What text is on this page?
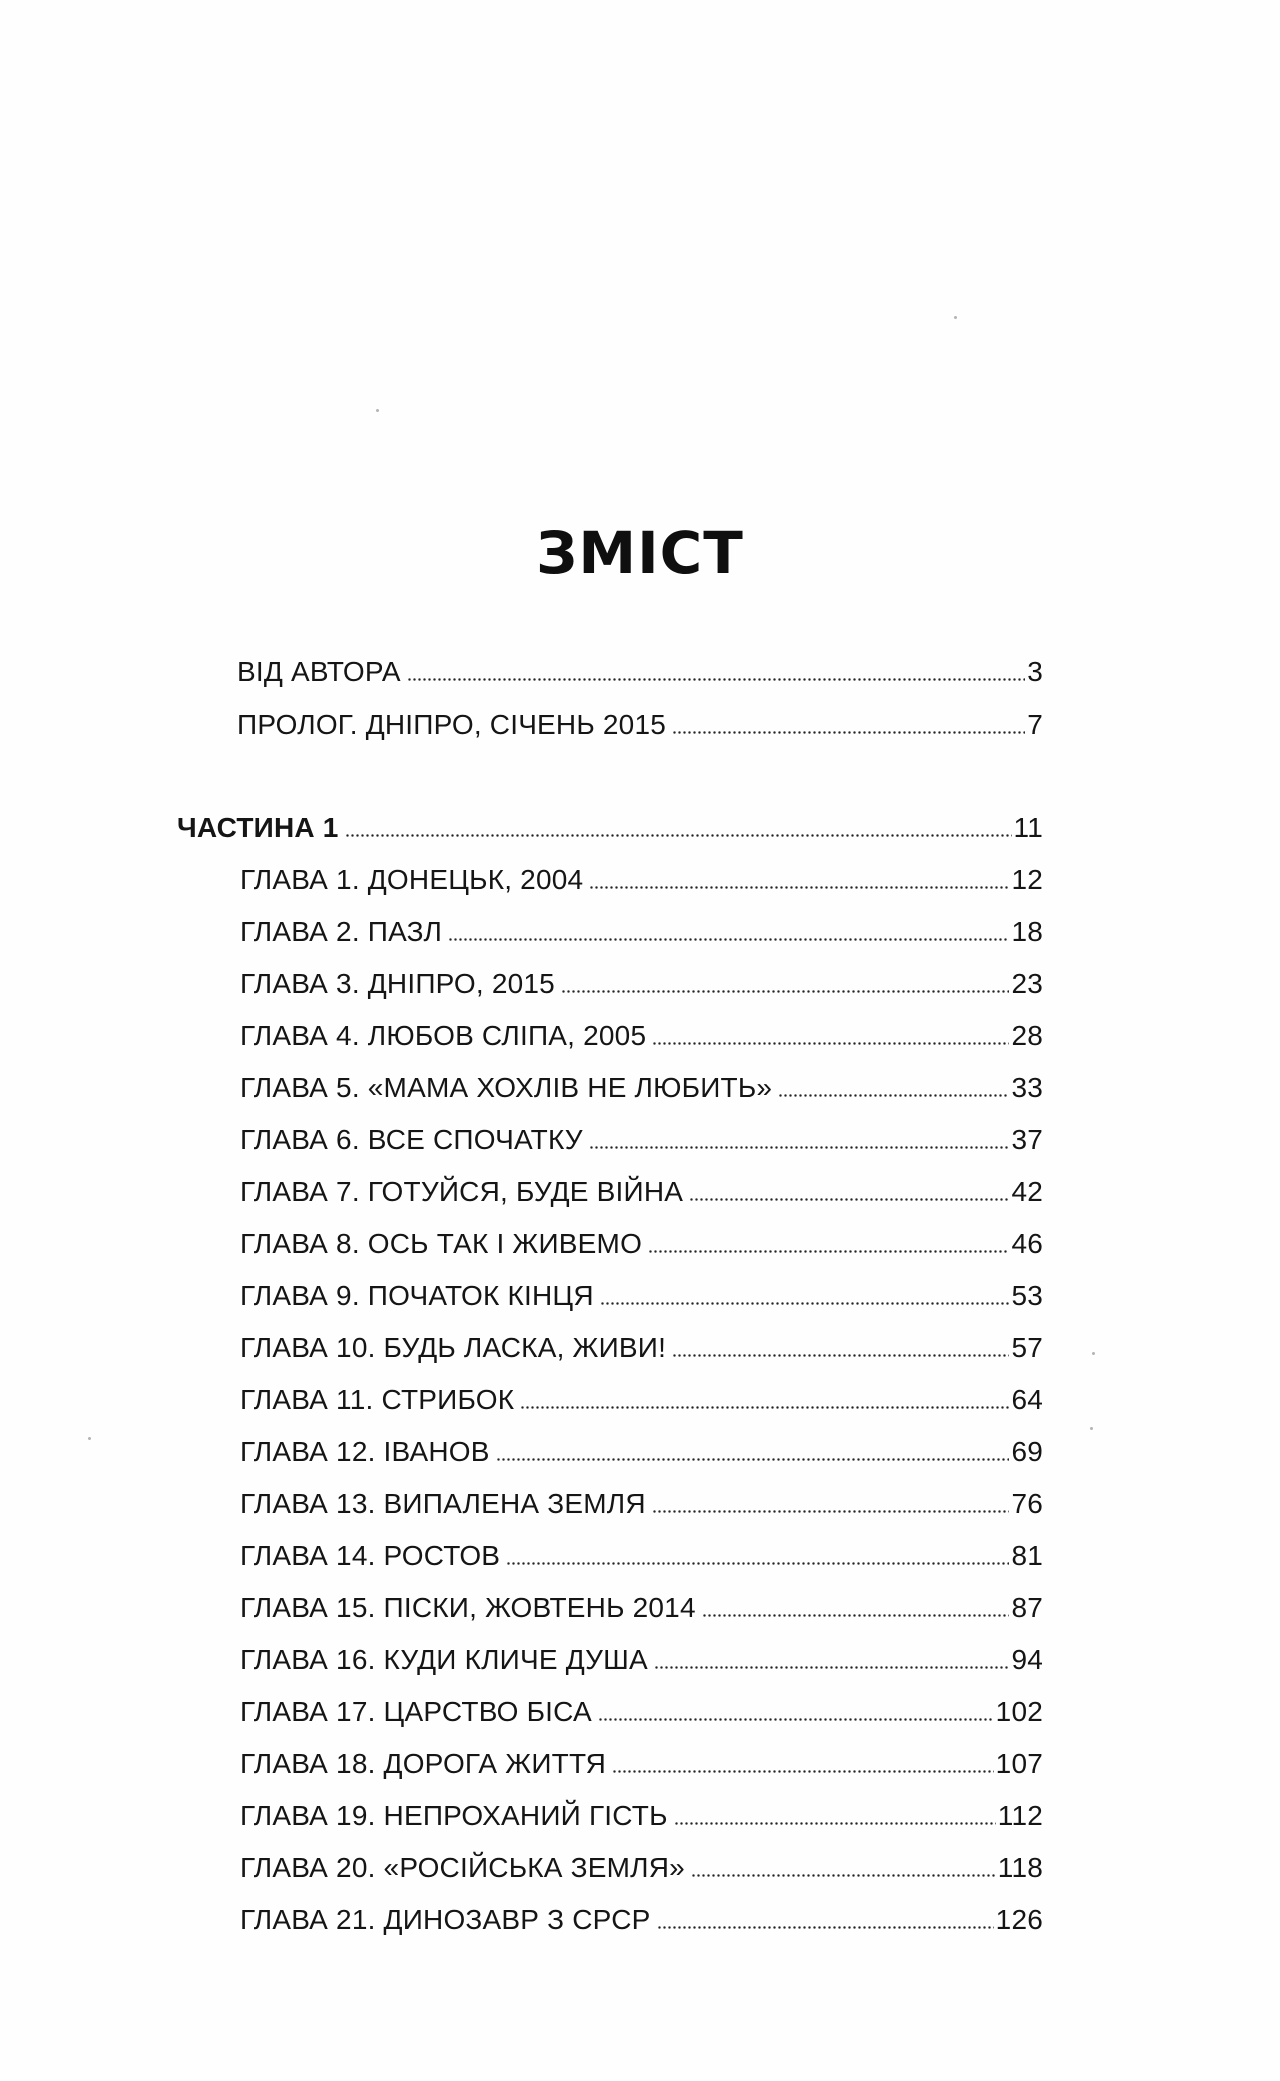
ЗМІСТ
ВІД АВТОРА	3
ПРОЛОГ. ДНІПРО, СІЧЕНЬ 2015	7
ЧАСТИНА 1	11
ГЛАВА 1. ДОНЕЦЬК, 2004	12
ГЛАВА 2. ПАЗЛ	18
ГЛАВА 3. ДНІПРО, 2015	23
ГЛАВА 4. ЛЮБОВ СЛІПА, 2005	28
ГЛАВА 5. «МАМА ХОХЛІВ НЕ ЛЮБИТЬ»	33
ГЛАВА 6. ВСЕ СПОЧАТКУ	37
ГЛАВА 7. ГОТУЙСЯ, БУДЕ ВІЙНА	42
ГЛАВА 8. ОСЬ ТАК І ЖИВЕМО	46
ГЛАВА 9. ПОЧАТОК КІНЦЯ	53
ГЛАВА 10. БУДЬ ЛАСКА, ЖИВИ!	57
ГЛАВА 11. СТРИБОК	64
ГЛАВА 12. ІВАНОВ	69
ГЛАВА 13. ВИПАЛЕНА ЗЕМЛЯ	76
ГЛАВА 14. РОСТОВ	81
ГЛАВА 15. ПІСКИ, ЖОВТЕНЬ 2014	87
ГЛАВА 16. КУДИ КЛИЧЕ ДУША	94
ГЛАВА 17. ЦАРСТВО БІСА	102
ГЛАВА 18. ДОРОГА ЖИТТЯ	107
ГЛАВА 19. НЕПРОХАНИЙ ГІСТЬ	112
ГЛАВА 20. «РОСІЙСЬКА ЗЕМЛЯ»	118
ГЛАВА 21. ДИНОЗАВР З СРСР	126
